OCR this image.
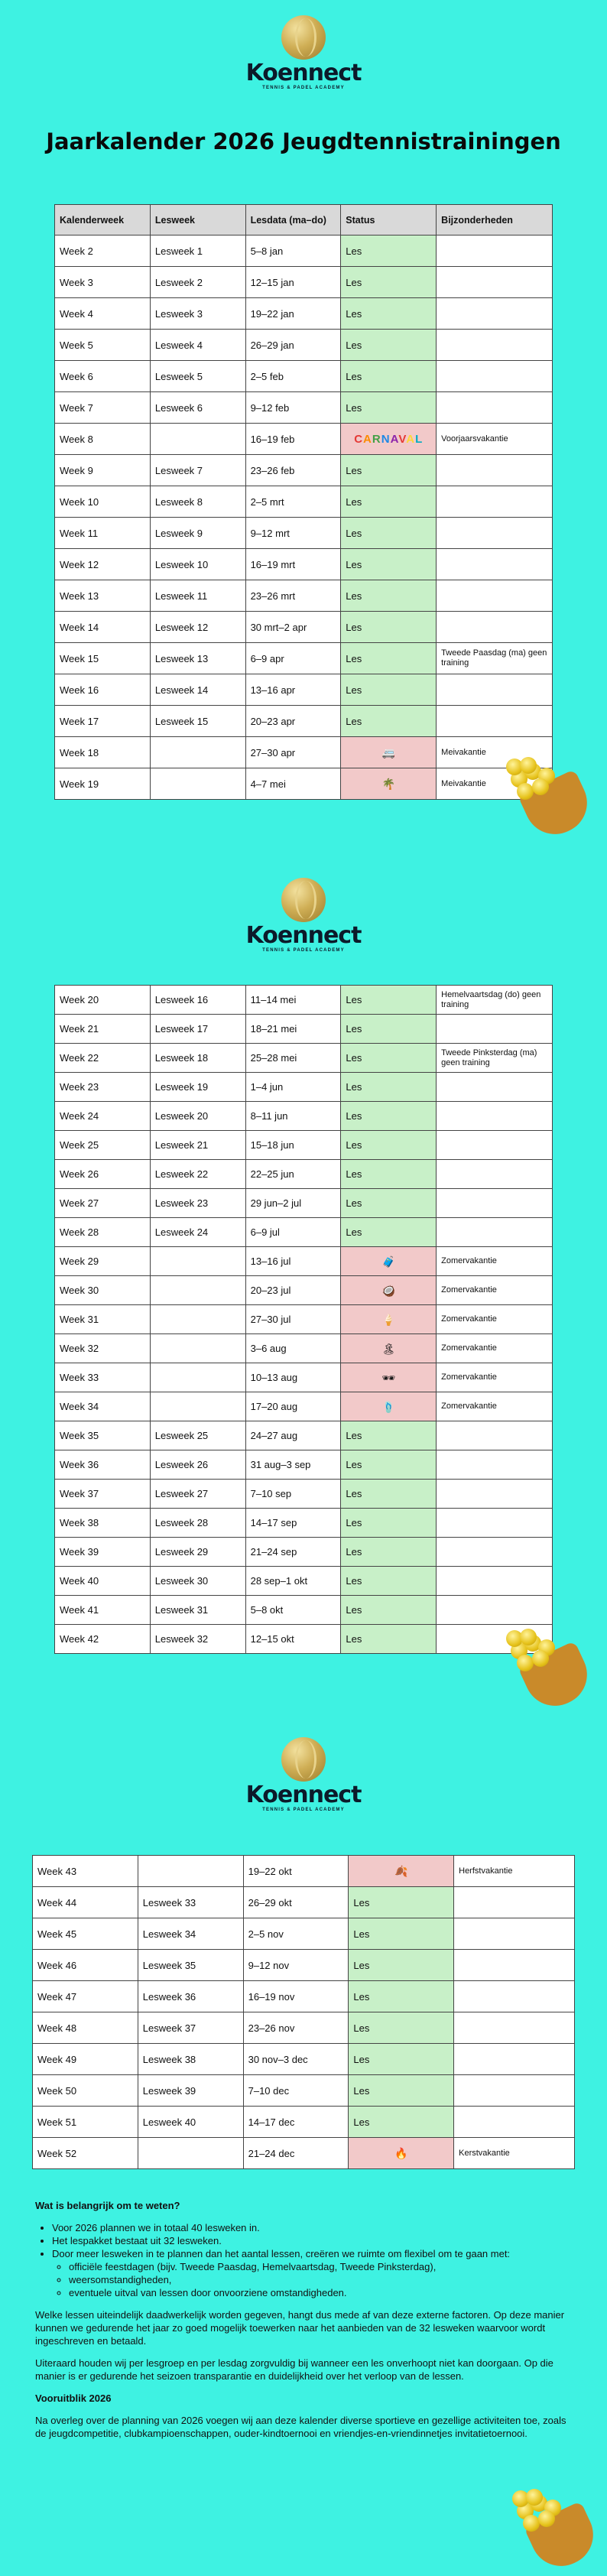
Koennect
TENNIS & PADEL ACADEMY
Jaarkalender 2026 Jeugdtennistrainingen
Kalenderweek	Lesweek	Lesdata (ma–do)	Status	Bijzonderheden
Week 2	Lesweek 1	5–8 jan	Les	
Week 3	Lesweek 2	12–15 jan	Les	
Week 4	Lesweek 3	19–22 jan	Les	
Week 5	Lesweek 4	26–29 jan	Les	
Week 6	Lesweek 5	2–5 feb	Les	
Week 7	Lesweek 6	9–12 feb	Les	
Week 8		16–19 feb	CARNAVAL	Voorjaarsvakantie
Week 9	Lesweek 7	23–26 feb	Les	
Week 10	Lesweek 8	2–5 mrt	Les	
Week 11	Lesweek 9	9–12 mrt	Les	
Week 12	Lesweek 10	16–19 mrt	Les	
Week 13	Lesweek 11	23–26 mrt	Les	
Week 14	Lesweek 12	30 mrt–2 apr	Les	
Week 15	Lesweek 13	6–9 apr	Les	Tweede Paasdag (ma) geen training
Week 16	Lesweek 14	13–16 apr	Les	
Week 17	Lesweek 15	20–23 apr	Les	
Week 18		27–30 apr	🚐	Meivakantie
Week 19		4–7 mei	🌴	Meivakantie
Koennect
TENNIS & PADEL ACADEMY
Week 20	Lesweek 16	11–14 mei	Les	Hemelvaartsdag (do) geen training
Week 21	Lesweek 17	18–21 mei	Les	
Week 22	Lesweek 18	25–28 mei	Les	Tweede Pinksterdag (ma) geen training
Week 23	Lesweek 19	1–4 jun	Les	
Week 24	Lesweek 20	8–11 jun	Les	
Week 25	Lesweek 21	15–18 jun	Les	
Week 26	Lesweek 22	22–25 jun	Les	
Week 27	Lesweek 23	29 jun–2 jul	Les	
Week 28	Lesweek 24	6–9 jul	Les	
Week 29		13–16 jul	🧳	Zomervakantie
Week 30		20–23 jul	🥥	Zomervakantie
Week 31		27–30 jul	🍦	Zomervakantie
Week 32		3–6 aug	🏝	Zomervakantie
Week 33		10–13 aug	🕶	Zomervakantie
Week 34		17–20 aug	🩴	Zomervakantie
Week 35	Lesweek 25	24–27 aug	Les	
Week 36	Lesweek 26	31 aug–3 sep	Les	
Week 37	Lesweek 27	7–10 sep	Les	
Week 38	Lesweek 28	14–17 sep	Les	
Week 39	Lesweek 29	21–24 sep	Les	
Week 40	Lesweek 30	28 sep–1 okt	Les	
Week 41	Lesweek 31	5–8 okt	Les	
Week 42	Lesweek 32	12–15 okt	Les	
Koennect
TENNIS & PADEL ACADEMY
Week 43		19–22 okt	🍂	Herfstvakantie
Week 44	Lesweek 33	26–29 okt	Les	
Week 45	Lesweek 34	2–5 nov	Les	
Week 46	Lesweek 35	9–12 nov	Les	
Week 47	Lesweek 36	16–19 nov	Les	
Week 48	Lesweek 37	23–26 nov	Les	
Week 49	Lesweek 38	30 nov–3 dec	Les	
Week 50	Lesweek 39	7–10 dec	Les	
Week 51	Lesweek 40	14–17 dec	Les	
Week 52		21–24 dec	🔥	Kerstvakantie

Wat is belangrijk om te weten?

• Voor 2026 plannen we in totaal 40 lesweken in.
• Het lespakket bestaat uit 32 lesweken.
• Door meer lesweken in te plannen dan het aantal lessen, creëren we ruimte om flexibel om te gaan met:
◦ officiële feestdagen (bijv. Tweede Paasdag, Hemelvaartsdag, Tweede Pinksterdag),
◦ weersomstandigheden,
◦ eventuele uitval van lessen door onvoorziene omstandigheden.

Welke lessen uiteindelijk daadwerkelijk worden gegeven, hangt dus mede af van deze externe factoren. Op deze manier kunnen we gedurende het jaar zo goed mogelijk toewerken naar het aanbieden van de 32 lesweken waarvoor wordt ingeschreven en betaald.

Uiteraard houden wij per lesgroep en per lesdag zorgvuldig bij wanneer een les onverhoopt niet kan doorgaan. Op die manier is er gedurende het seizoen transparantie en duidelijkheid over het verloop van de lessen.

Vooruitblik 2026

Na overleg over de planning van 2026 voegen wij aan deze kalender diverse sportieve en gezellige activiteiten toe, zoals de jeugdcompetitie, clubkampioenschappen, ouder-kindtoernooi en vriendjes-en-vriendinnetjes invitatietoernooi.
